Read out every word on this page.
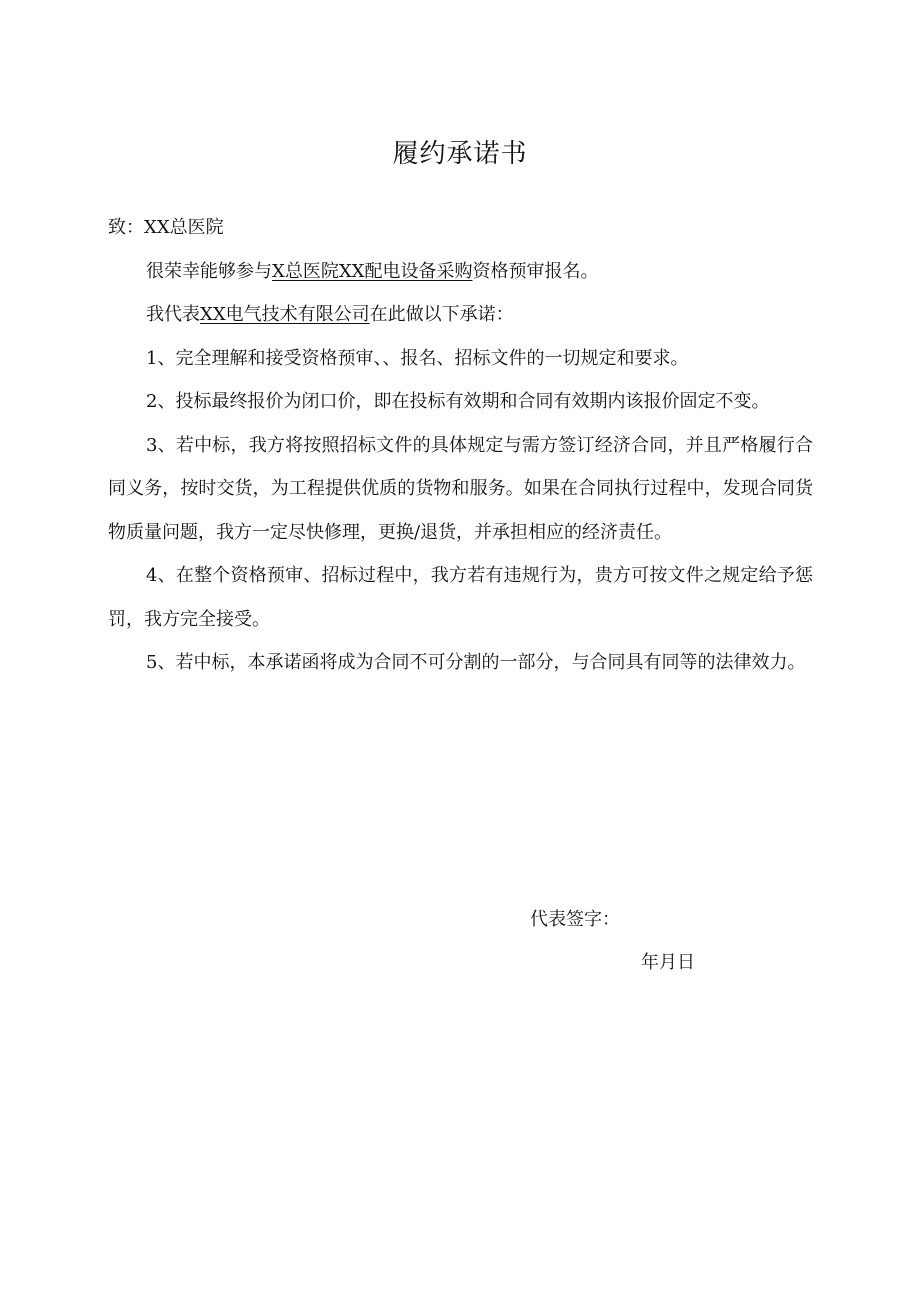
履约承诺书

致：XX总医院

很荣幸能够参与X总医院XX配电设备采购资格预审报名。

我代表XX电气技术有限公司在此做以下承诺：

1、完全理解和接受资格预审、、报名、招标文件的一切规定和要求。

2、投标最终报价为闭口价，即在投标有效期和合同有效期内该报价固定不变。

3、若中标，我方将按照招标文件的具体规定与需方签订经济合同，并且严格履行合同义务，按时交货，为工程提供优质的货物和服务。如果在合同执行过程中，发现合同货物质量问题，我方一定尽快修理，更换/退货，并承担相应的经济责任。

4、在整个资格预审、招标过程中，我方若有违规行为，贵方可按文件之规定给予惩罚，我方完全接受。

5、若中标，本承诺函将成为合同不可分割的一部分，与合同具有同等的法律效力。

代表签字：
年月日
